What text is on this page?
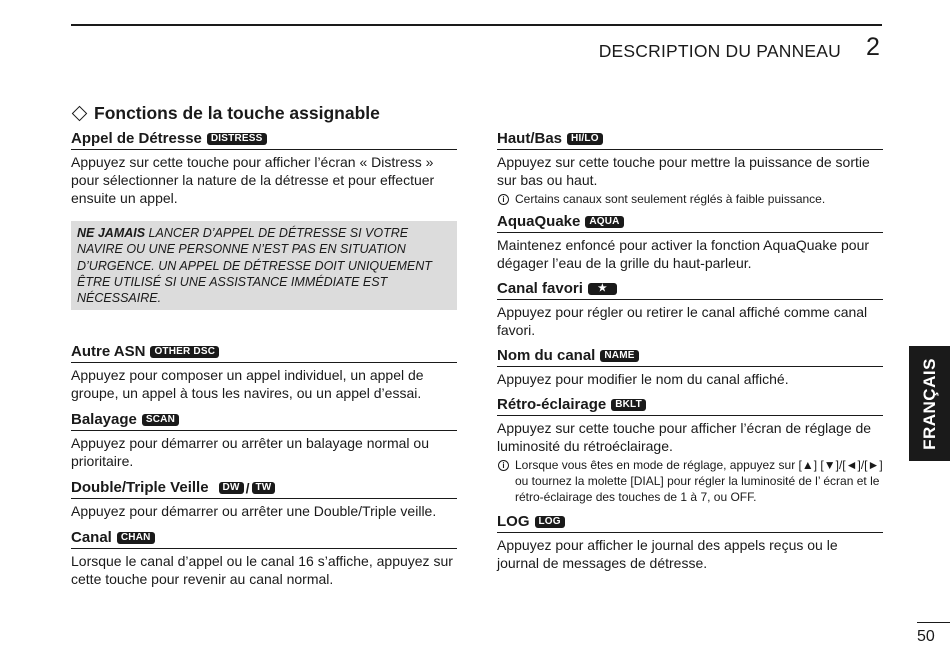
DESCRIPTION DU PANNEAU 2
Fonctions de la touche assignable
Appel de Détresse DISTRESS

Appuyez sur cette touche pour afficher l’écran « Distress » pour sélectionner la nature de la détresse et pour effectuer ensuite un appel.

NE JAMAIS LANCER D’APPEL DE DÉTRESSE SI VOTRE NAVIRE OU UNE PERSONNE N’EST PAS EN SITUATION D’URGENCE. UN APPEL DE DÉTRESSE DOIT UNIQUEMENT ÊTRE UTILISÉ SI UNE ASSISTANCE IMMÉDIATE EST NÉCESSAIRE.
Autre ASN OTHER DSC

Appuyez pour composer un appel individuel, un appel de groupe, un appel à tous les navires, ou un appel d’essai.

Balayage SCAN

Appuyez pour démarrer ou arrêter un balayage normal ou prioritaire.

Double/Triple Veille	DW / TW

Appuyez pour démarrer ou arrêter une Double/Triple veille.

Canal CHAN

Lorsque le canal d’appel ou le canal 16 s’affiche, appuyez sur cette touche pour revenir au canal normal.

Haut/Bas HI/LO

Appuyez sur cette touche pour mettre la puissance de sortie sur bas ou haut.

i Certains canaux sont seulement réglés à faible puissance.
AquaQuake AQUA

Maintenez enfoncé pour activer la fonction AquaQuake pour dégager l’eau de la grille du haut-parleur.

Canal favori	★

Appuyez pour régler ou retirer le canal affiché comme canal favori.

Nom du canal NAME

Appuyez pour modifier le nom du canal affiché.

Rétro-éclairage BKLT

Appuyez sur cette touche pour afficher l’écran de réglage de luminosité du rétroéclairage.

i Lorsque vous êtes en mode de réglage, appuyez sur [▲] [▼]/[◄]/[►] ou tournez la molette [DIAL] pour régler la luminosité de l’ écran et le rétro-éclairage des touches de 1 à 7, ou OFF.
LOG LOG

Appuyez pour afficher le journal des appels reçus ou le journal de messages de détresse.

FRANÇAIS
50
